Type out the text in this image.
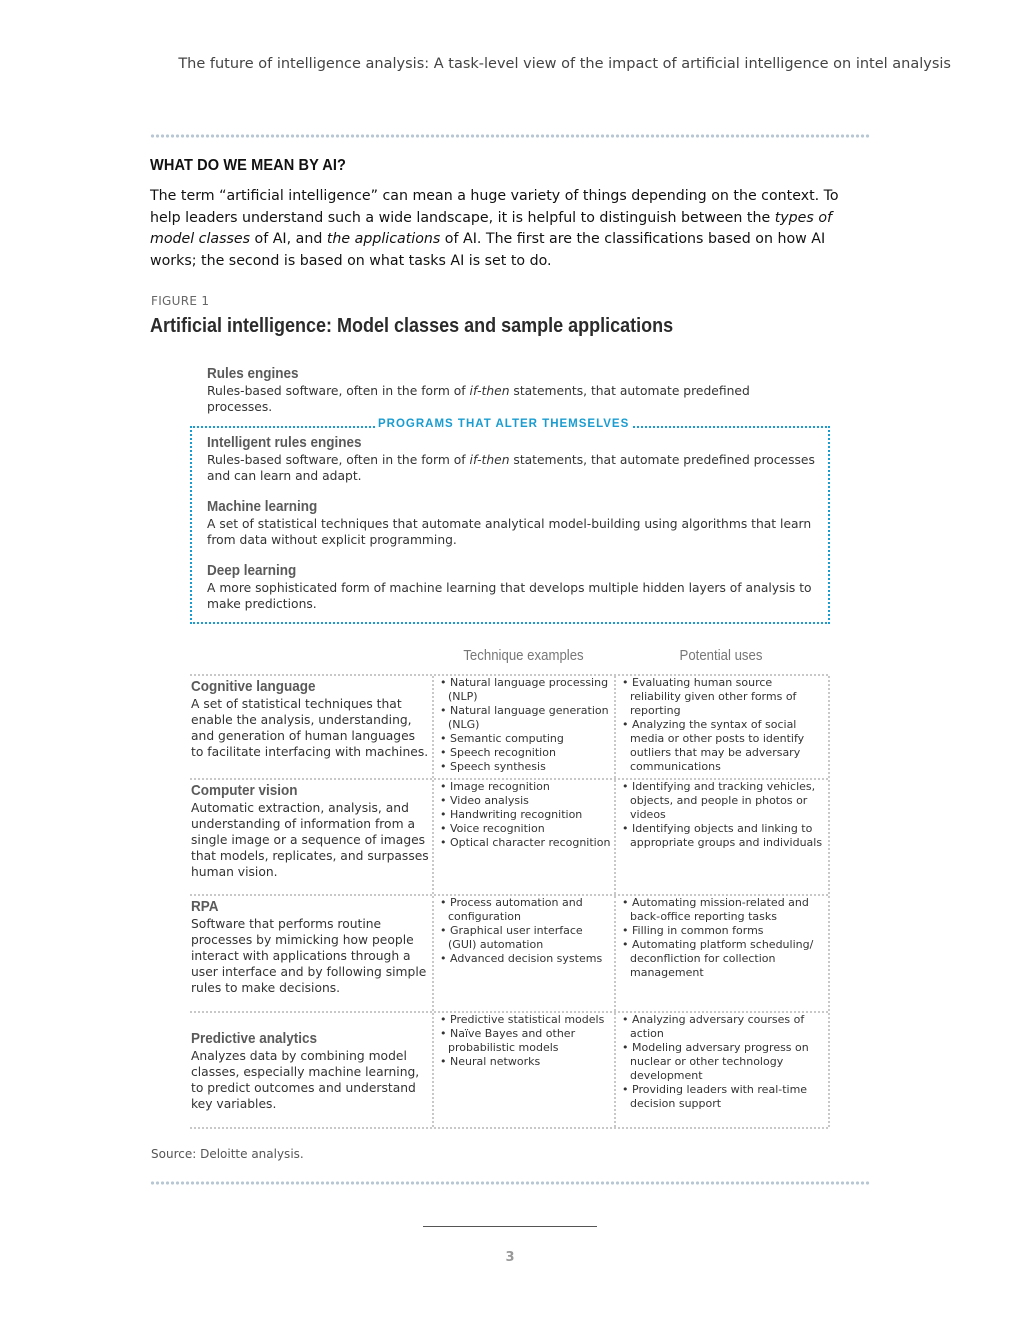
The future of intelligence analysis: A task-level view of the impact of artificial intelligence on intel analysis
WHAT DO WE MEAN BY AI?

The term “artificial intelligence” can mean a huge variety of things depending on the context. To help leaders understand such a wide landscape, it is helpful to distinguish between the types of model classes of AI, and the applications of AI. The first are the classifications based on how AI works; the second is based on what tasks AI is set to do.

FIGURE 1
Artificial intelligence: Model classes and sample applications
Rules engines
Rules-based software, often in the form of if-then statements, that automate predefined processes.
PROGRAMS THAT ALTER THEMSELVES
Intelligent rules engines
Rules-based software, often in the form of if-then statements, that automate predefined processes and can learn and adapt.
Machine learning
A set of statistical techniques that automate analytical model-building using algorithms that learn from data without explicit programming.
Deep learning
A more sophisticated form of machine learning that develops multiple hidden layers of analysis to make predictions.
Technique examples	Potential uses
Cognitive language
A set of statistical techniques that enable the analysis, understanding, and generation of human languages to facilitate interfacing with machines.
• Natural language processing (NLP)
• Natural language generation (NLG)
• Semantic computing
• Speech recognition
• Speech synthesis
• Evaluating human source reliability given other forms of reporting
• Analyzing the syntax of social media or other posts to identify outliers that may be adversary communications
Computer vision
Automatic extraction, analysis, and understanding of information from a single image or a sequence of images that models, replicates, and surpasses human vision.
• Image recognition
• Video analysis
• Handwriting recognition
• Voice recognition
• Optical character recognition
• Identifying and tracking vehicles, objects, and people in photos or videos
• Identifying objects and linking to appropriate groups and individuals
RPA
Software that performs routine processes by mimicking how people interact with applications through a user interface and by following simple rules to make decisions.
• Process automation and configuration
• Graphical user interface (GUI) automation
• Advanced decision systems
• Automating mission-related and back-office reporting tasks
• Filling in common forms
• Automating platform scheduling/ deconfliction for collection management
Predictive analytics
Analyzes data by combining model classes, especially machine learning, to predict outcomes and understand key variables.
• Predictive statistical models
• Naïve Bayes and other probabilistic models
• Neural networks
• Analyzing adversary courses of action
• Modeling adversary progress on nuclear or other technology development
• Providing leaders with real-time decision support
Source: Deloitte analysis.
3
